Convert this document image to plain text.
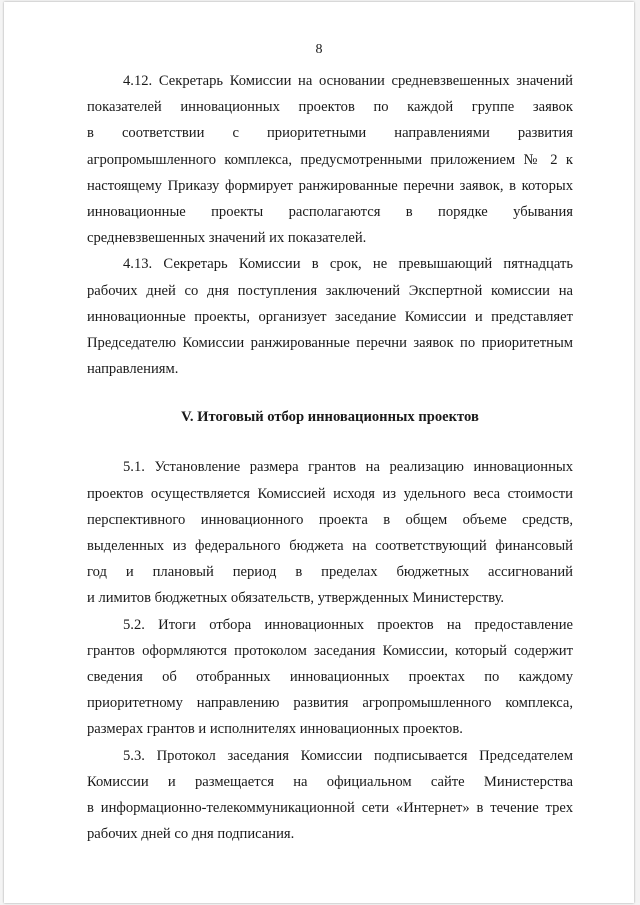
8

4.12. Секретарь Комиссии на основании средневзвешенных значений
показателей инновационных проектов по каждой группе заявок
в соответствии с приоритетными направлениями развития
агропромышленного комплекса, предусмотренными приложением № 2 к
настоящему Приказу формирует ранжированные перечни заявок, в которых
инновационные проекты располагаются в порядке убывания
средневзвешенных значений их показателей.

4.13. Секретарь Комиссии в срок, не превышающий пятнадцать
рабочих дней со дня поступления заключений Экспертной комиссии на
инновационные проекты, организует заседание Комиссии и представляет
Председателю Комиссии ранжированные перечни заявок по приоритетным
направлениям.

V. Итоговый отбор инновационных проектов

5.1. Установление размера грантов на реализацию инновационных
проектов осуществляется Комиссией исходя из удельного веса стоимости
перспективного инновационного проекта в общем объеме средств,
выделенных из федерального бюджета на соответствующий финансовый
год и плановый период в пределах бюджетных ассигнований
и лимитов бюджетных обязательств, утвержденных Министерству.

5.2. Итоги отбора инновационных проектов на предоставление
грантов оформляются протоколом заседания Комиссии, который содержит
сведения об отобранных инновационных проектах по каждому
приоритетному направлению развития агропромышленного комплекса,
размерах грантов и исполнителях инновационных проектов.

5.3. Протокол заседания Комиссии подписывается Председателем
Комиссии и размещается на официальном сайте Министерства
в информационно-телекоммуникационной сети «Интернет» в течение трех
рабочих дней со дня подписания.
